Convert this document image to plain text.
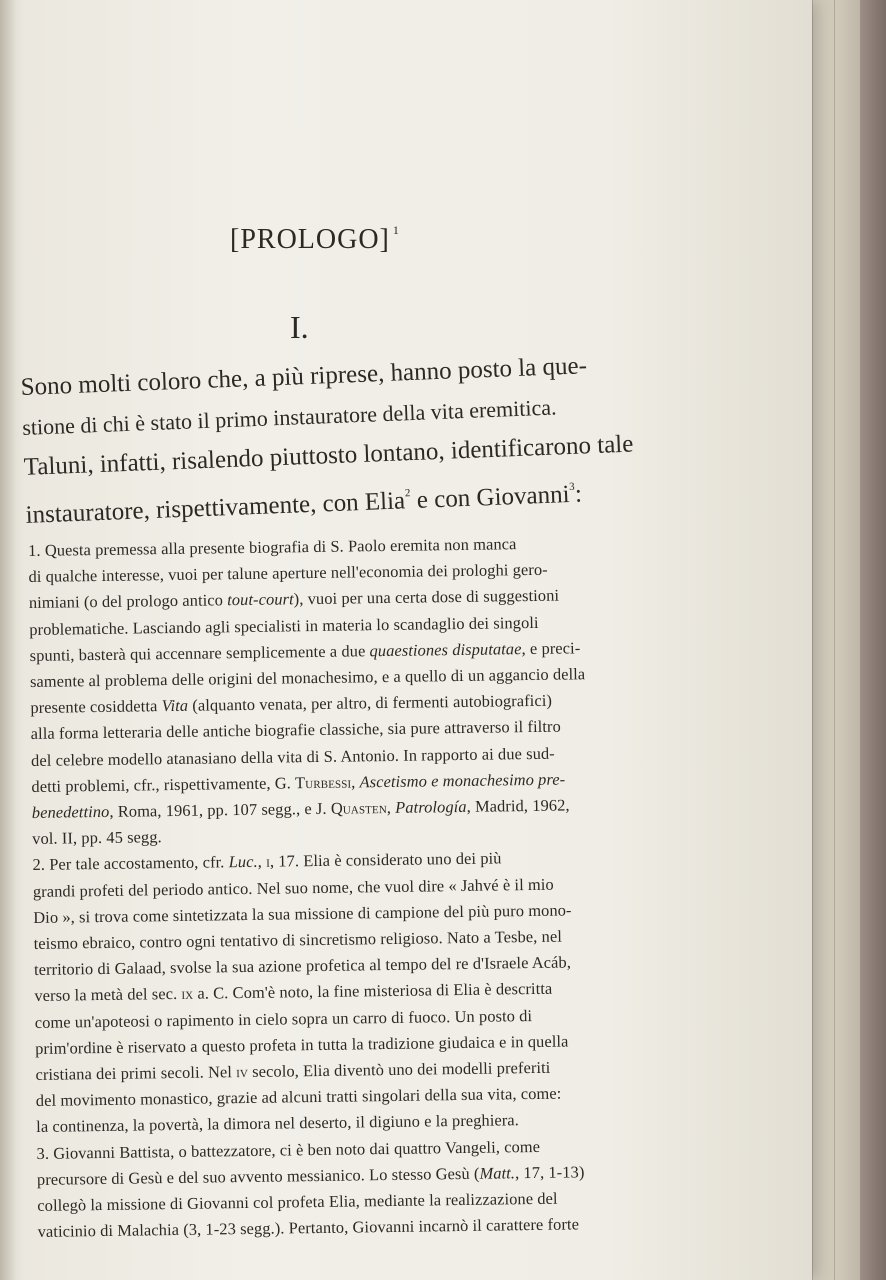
[PROLOGO] $^1$
I.
Sono molti coloro che, a più riprese, hanno posto la que-
stione di chi è stato il primo instauratore della vita eremitica.
Taluni, infatti, risalendo piuttosto lontano, identificarono tale
instauratore, rispettivamente, con Elia$^2$ e con Giovanni$^3$:
1. Questa premessa alla presente biografia di S. Paolo eremita non manca
di qualche interesse, vuoi per talune aperture nell'economia dei prologhi gero-
nimiani (o del prologo antico tout-court), vuoi per una certa dose di suggestioni
problematiche. Lasciando agli specialisti in materia lo scandaglio dei singoli
spunti, basterà qui accennare semplicemente a due quaestiones disputatae, e preci-
samente al problema delle origini del monachesimo, e a quello di un aggancio della
presente cosiddetta Vita (alquanto venata, per altro, di fermenti autobiografici)
alla forma letteraria delle antiche biografie classiche, sia pure attraverso il filtro
del celebre modello atanasiano della vita di S. Antonio. In rapporto ai due sud-
detti problemi, cfr., rispettivamente, G. Turbessi, Ascetismo e monachesimo pre-
benedettino, Roma, 1961, pp. 107 segg., e J. Quasten, Patrología, Madrid, 1962,
vol. II, pp. 45 segg.
2. Per tale accostamento, cfr. Luc., i, 17. Elia è considerato uno dei più
grandi profeti del periodo antico. Nel suo nome, che vuol dire « Jahvé è il mio
Dio », si trova come sintetizzata la sua missione di campione del più puro mono-
teismo ebraico, contro ogni tentativo di sincretismo religioso. Nato a Tesbe, nel
territorio di Galaad, svolse la sua azione profetica al tempo del re d'Israele Acáb,
verso la metà del sec. ix a. C. Com'è noto, la fine misteriosa di Elia è descritta
come un'apoteosi o rapimento in cielo sopra un carro di fuoco. Un posto di
prim'ordine è riservato a questo profeta in tutta la tradizione giudaica e in quella
cristiana dei primi secoli. Nel iv secolo, Elia diventò uno dei modelli preferiti
del movimento monastico, grazie ad alcuni tratti singolari della sua vita, come:
la continenza, la povertà, la dimora nel deserto, il digiuno e la preghiera.
3. Giovanni Battista, o battezzatore, ci è ben noto dai quattro Vangeli, come
precursore di Gesù e del suo avvento messianico. Lo stesso Gesù (Matt., 17, 1-13)
collegò la missione di Giovanni col profeta Elia, mediante la realizzazione del
vaticinio di Malachia (3, 1-23 segg.). Pertanto, Giovanni incarnò il carattere forte
